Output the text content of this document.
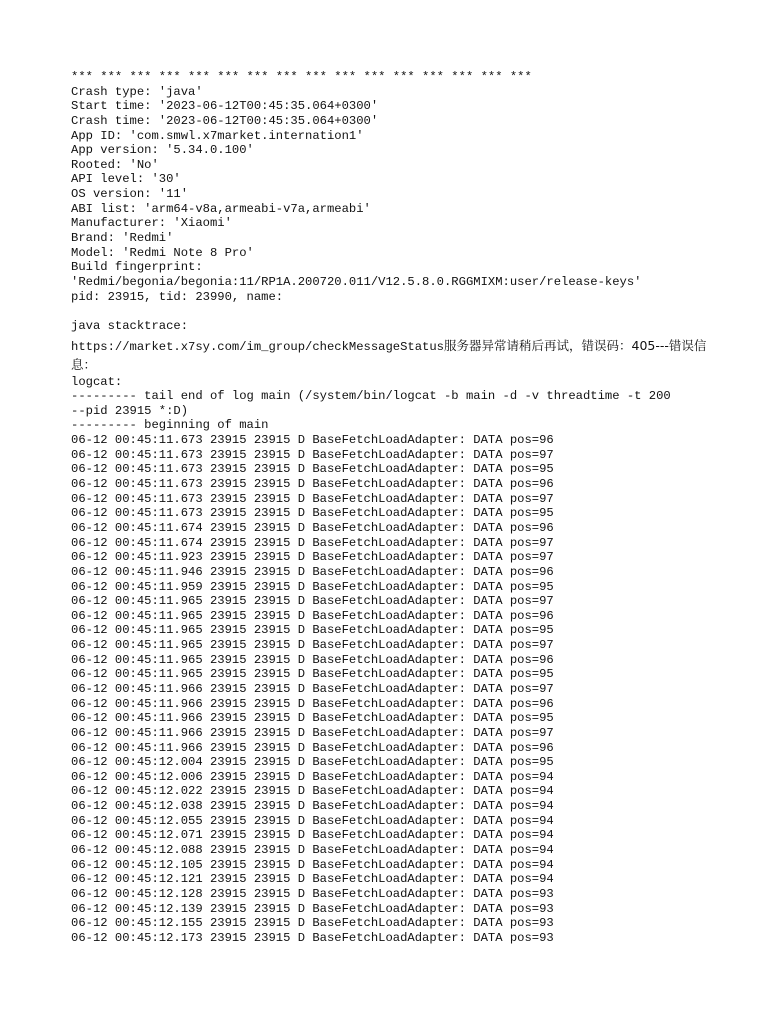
*** *** *** *** *** *** *** *** *** *** *** *** *** *** *** ***
Crash type: 'java'
Start time: '2023-06-12T00:45:35.064+0300'
Crash time: '2023-06-12T00:45:35.064+0300'
App ID: 'com.smwl.x7market.internation1'
App version: '5.34.0.100'
Rooted: 'No'
API level: '30'
OS version: '11'
ABI list: 'arm64-v8a,armeabi-v7a,armeabi'
Manufacturer: 'Xiaomi'
Brand: 'Redmi'
Model: 'Redmi Note 8 Pro'
Build fingerprint:
'Redmi/begonia/begonia:11/RP1A.200720.011/V12.5.8.0.RGGMIXM:user/release-keys'
pid: 23915, tid: 23990, name:
java stacktrace:
https://market.x7sy.com/im_group/checkMessageStatus服务器异常请稍后再试，错误码：405---错误信息：
logcat:
--------- tail end of log main (/system/bin/logcat -b main -d -v threadtime -t 200
--pid 23915 *:D)
--------- beginning of main
06-12 00:45:11.673 23915 23915 D BaseFetchLoadAdapter: DATA pos=96
06-12 00:45:11.673 23915 23915 D BaseFetchLoadAdapter: DATA pos=97
06-12 00:45:11.673 23915 23915 D BaseFetchLoadAdapter: DATA pos=95
06-12 00:45:11.673 23915 23915 D BaseFetchLoadAdapter: DATA pos=96
06-12 00:45:11.673 23915 23915 D BaseFetchLoadAdapter: DATA pos=97
06-12 00:45:11.673 23915 23915 D BaseFetchLoadAdapter: DATA pos=95
06-12 00:45:11.674 23915 23915 D BaseFetchLoadAdapter: DATA pos=96
06-12 00:45:11.674 23915 23915 D BaseFetchLoadAdapter: DATA pos=97
06-12 00:45:11.923 23915 23915 D BaseFetchLoadAdapter: DATA pos=97
06-12 00:45:11.946 23915 23915 D BaseFetchLoadAdapter: DATA pos=96
06-12 00:45:11.959 23915 23915 D BaseFetchLoadAdapter: DATA pos=95
06-12 00:45:11.965 23915 23915 D BaseFetchLoadAdapter: DATA pos=97
06-12 00:45:11.965 23915 23915 D BaseFetchLoadAdapter: DATA pos=96
06-12 00:45:11.965 23915 23915 D BaseFetchLoadAdapter: DATA pos=95
06-12 00:45:11.965 23915 23915 D BaseFetchLoadAdapter: DATA pos=97
06-12 00:45:11.965 23915 23915 D BaseFetchLoadAdapter: DATA pos=96
06-12 00:45:11.965 23915 23915 D BaseFetchLoadAdapter: DATA pos=95
06-12 00:45:11.966 23915 23915 D BaseFetchLoadAdapter: DATA pos=97
06-12 00:45:11.966 23915 23915 D BaseFetchLoadAdapter: DATA pos=96
06-12 00:45:11.966 23915 23915 D BaseFetchLoadAdapter: DATA pos=95
06-12 00:45:11.966 23915 23915 D BaseFetchLoadAdapter: DATA pos=97
06-12 00:45:11.966 23915 23915 D BaseFetchLoadAdapter: DATA pos=96
06-12 00:45:12.004 23915 23915 D BaseFetchLoadAdapter: DATA pos=95
06-12 00:45:12.006 23915 23915 D BaseFetchLoadAdapter: DATA pos=94
06-12 00:45:12.022 23915 23915 D BaseFetchLoadAdapter: DATA pos=94
06-12 00:45:12.038 23915 23915 D BaseFetchLoadAdapter: DATA pos=94
06-12 00:45:12.055 23915 23915 D BaseFetchLoadAdapter: DATA pos=94
06-12 00:45:12.071 23915 23915 D BaseFetchLoadAdapter: DATA pos=94
06-12 00:45:12.088 23915 23915 D BaseFetchLoadAdapter: DATA pos=94
06-12 00:45:12.105 23915 23915 D BaseFetchLoadAdapter: DATA pos=94
06-12 00:45:12.121 23915 23915 D BaseFetchLoadAdapter: DATA pos=94
06-12 00:45:12.128 23915 23915 D BaseFetchLoadAdapter: DATA pos=93
06-12 00:45:12.139 23915 23915 D BaseFetchLoadAdapter: DATA pos=93
06-12 00:45:12.155 23915 23915 D BaseFetchLoadAdapter: DATA pos=93
06-12 00:45:12.173 23915 23915 D BaseFetchLoadAdapter: DATA pos=93
